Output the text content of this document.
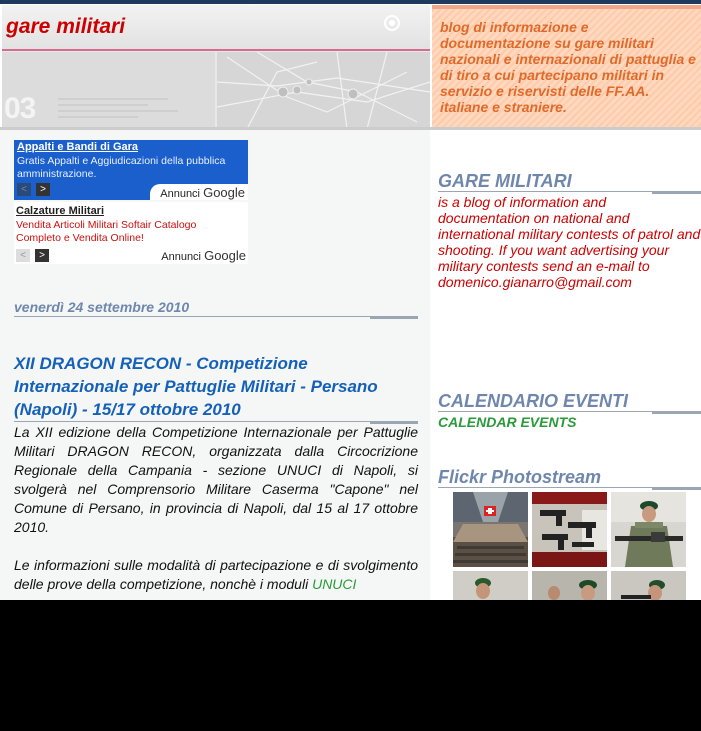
gare militari
03
blog di informazione e documentazione su gare militari nazionali e internazionali di pattuglia e di tiro a cui partecipano militari in servizio e riservisti delle FF.AA. italiane e straniere.
Appalti e Bandi di Gara
Gratis Appalti e Aggiudicazioni della pubblica amministrazione.
<	>	Annunci Google
Calzature Militari
Vendita Articoli Militari Softair Catalogo Completo e Vendita Online!
<	>	Annunci Google
venerdì 24 settembre 2010
XII DRAGON RECON - Competizione Internazionale per Pattuglie Militari - Persano (Napoli) - 15/17 ottobre 2010
La XII edizione della Competizione Internazionale per Pattuglie Militari DRAGON RECON, organizzata dalla Circocrizione Regionale della Campania - sezione UNUCI di Napoli, si svolgerà nel Comprensorio Militare Caserma "Capone" nel Comune di Persano, in provincia di Napoli, dal 15 al 17 ottobre 2010.
Le informazioni sulle modalità di partecipazione e di svolgimento delle prove della competizione, nonchè i moduli UNUCI
GARE MILITARI
is a blog of information and documentation on national and international military contests of patrol and shooting. If you want advertising your military contests send an e-mail to domenico.gianarro@gmail.com
CALENDARIO EVENTI
CALENDAR EVENTS
Flickr Photostream
